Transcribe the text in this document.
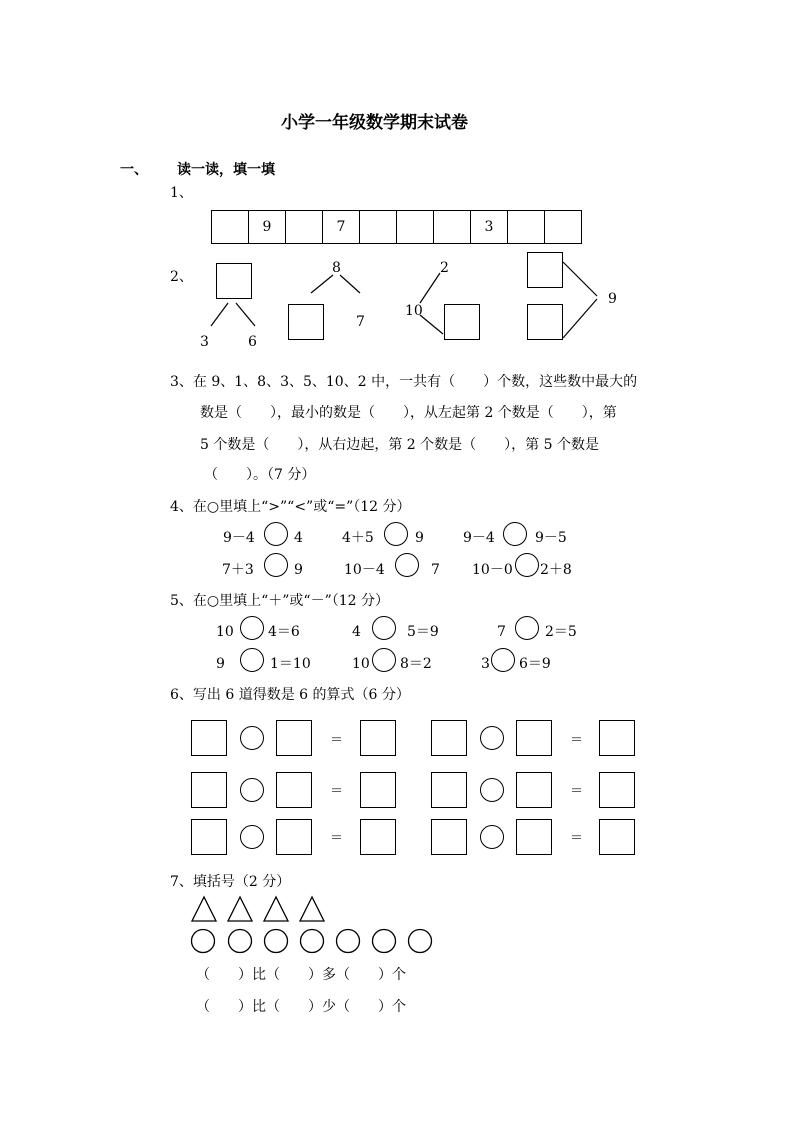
小学一年级数学期末试卷
一、 读一读，填一填
1、
9	7	3
2、
3	6
8
7
2
10
9
3、在 9、1、8、3、5、10、2 中，一共有（　　）个数，这些数中最大的
数是（　　），最小的数是（　　），从左起第 2 个数是（　　），第
5 个数是（　　），从右边起，第 2 个数是（　　），第 5 个数是
（　　）。（7 分）
4、在○里填上“>”“<”或“=”（12 分）
9－4	4	4＋5	9	9－4	9－5
7＋3	9	10－4	7 10－0 2＋8
5、在○里填上“＋”或“－”（12 分）
10 4＝6	4	5＝9	7	2＝5
9	1＝10	10 8＝2	3 6＝9
6、写出 6 道得数是 6 的算式（6 分）
＝	＝
＝	＝
＝	＝
7、填括号（2 分）
（　　）比（　　）多（　　）个
（　　）比（　　）少（　　）个
